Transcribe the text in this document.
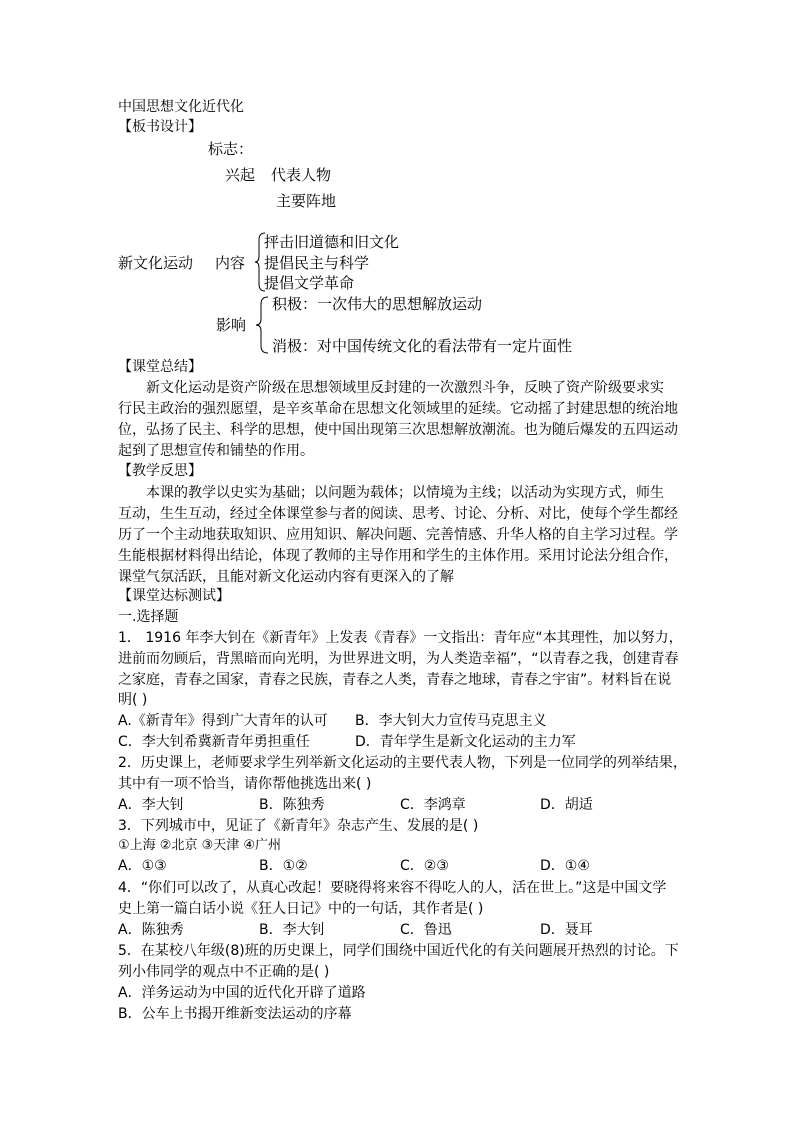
中国思想文化近代化
【板书设计】
标志：
兴起 代表人物
主要阵地
新文化运动 内容
抨击旧道德和旧文化
提倡民主与科学
提倡文学革命
影响
积极：一次伟大的思想解放运动
消极：对中国传统文化的看法带有一定片面性
【课堂总结】
新文化运动是资产阶级在思想领域里反封建的一次激烈斗争，反映了资产阶级要求实
行民主政治的强烈愿望，是辛亥革命在思想文化领域里的延续。它动摇了封建思想的统治地
位，弘扬了民主、科学的思想，使中国出现第三次思想解放潮流。也为随后爆发的五四运动
起到了思想宣传和铺垫的作用。
【教学反思】
本课的教学以史实为基础；以问题为载体；以情境为主线；以活动为实现方式，师生
互动，生生互动，经过全体课堂参与者的阅读、思考、讨论、分析、对比，使每个学生都经
历了一个主动地获取知识、应用知识、解决问题、完善情感、升华人格的自主学习过程。学
生能根据材料得出结论，体现了教师的主导作用和学生的主体作用。采用讨论法分组合作，
课堂气氛活跃，且能对新文化运动内容有更深入的了解
【课堂达标测试】
一.选择题
1． 1916 年李大钊在《新青年》上发表《青春》一文指出：青年应“本其理性，加以努力，
进前而勿顾后，背黑暗而向光明，为世界进文明，为人类造幸福”，“以青春之我，创建青春
之家庭，青春之国家，青春之民族，青春之人类，青春之地球，青春之宇宙”。材料旨在说
明( )
A.《新青年》得到广大青年的认可 B．李大钊大力宣传马克思主义
C．李大钊希冀新青年勇担重任	D．青年学生是新文化运动的主力军
2．历史课上，老师要求学生列举新文化运动的主要代表人物，下列是一位同学的列举结果，
其中有一项不恰当，请你帮他挑选出来( )
A．李大钊	B．陈独秀	C．李鸿章	D．胡适
3．下列城市中，见证了《新青年》杂志产生、发展的是( )
①上海 ②北京 ③天津 ④广州
A．①③	B．①②	C．②③	D．①④
4．“你们可以改了，从真心改起！要晓得将来容不得吃人的人，活在世上。”这是中国文学
史上第一篇白话小说《狂人日记》中的一句话，其作者是( )
A．陈独秀	B．李大钊	C．鲁迅	D．聂耳
5．在某校八年级(8)班的历史课上，同学们围绕中国近代化的有关问题展开热烈的讨论。下
列小伟同学的观点中不正确的是( )
A．洋务运动为中国的近代化开辟了道路
B．公车上书揭开维新变法运动的序幕
